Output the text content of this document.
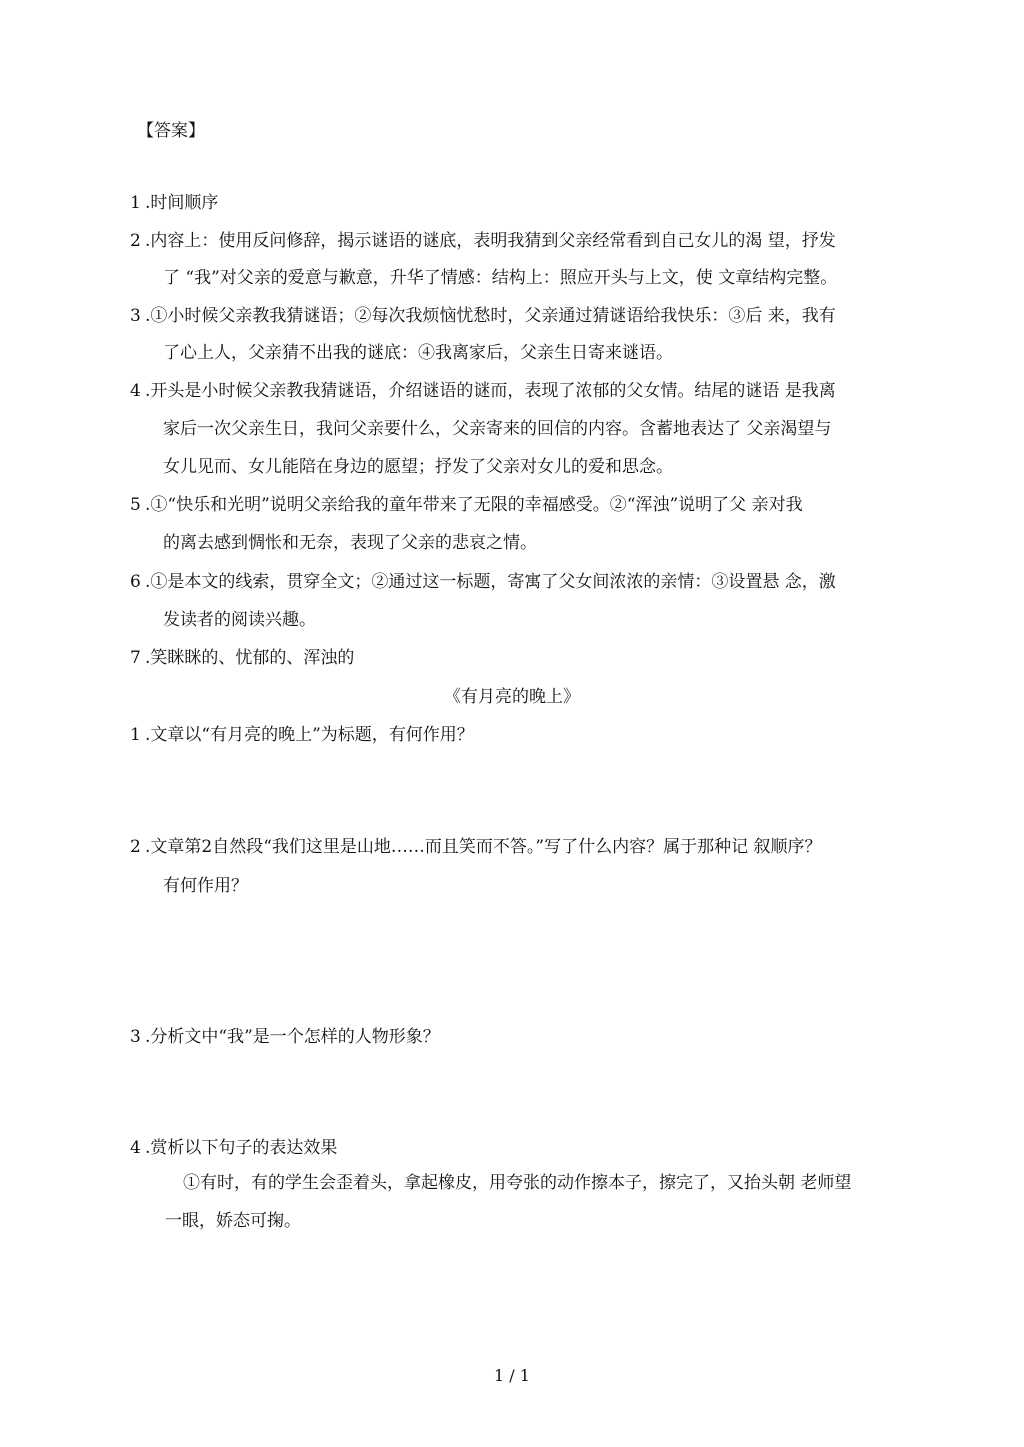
【答案】
1 .时间顺序
2 .内容上：使用反问修辞，揭示谜语的谜底，表明我猜到父亲经常看到自己女儿的渴 望，抒发
了 “我”对父亲的爱意与歉意，升华了情感：结构上：照应开头与上文，使 文章结构完整。
3 .①小时候父亲教我猜谜语；②每次我烦恼忧愁时，父亲通过猜谜语给我快乐：③后 来，我有
了心上人，父亲猜不出我的谜底：④我离家后，父亲生日寄来谜语。
4 .开头是小时候父亲教我猜谜语，介绍谜语的谜而，表现了浓郁的父女情。结尾的谜语 是我离
家后一次父亲生日，我问父亲要什么，父亲寄来的回信的内容。含蓄地表达了 父亲渴望与
女儿见而、女儿能陪在身边的愿望；抒发了父亲对女儿的爱和思念。
5 .①“快乐和光明”说明父亲给我的童年带来了无限的幸福感受。②“浑浊”说明了父 亲对我
的离去感到惆怅和无奈，表现了父亲的悲哀之情。
6 .①是本文的线索，贯穿全文；②通过这一标题，寄寓了父女间浓浓的亲情：③设置悬 念，激
发读者的阅读兴趣。
7 .笑眯眯的、忧郁的、浑浊的
《有月亮的晚上》
1 .文章以“有月亮的晚上”为标题，有何作用？
2 .文章第2自然段“我们这里是山地……而且笑而不答。”写了什么内容？属于那种记 叙顺序？
有何作用？
3 .分析文中“我”是一个怎样的人物形象？
4 .赏析以下句子的表达效果
①有时，有的学生会歪着头，拿起橡皮，用夸张的动作擦本子，擦完了，又抬头朝 老师望
一眼，娇态可掬。
1 / 1
